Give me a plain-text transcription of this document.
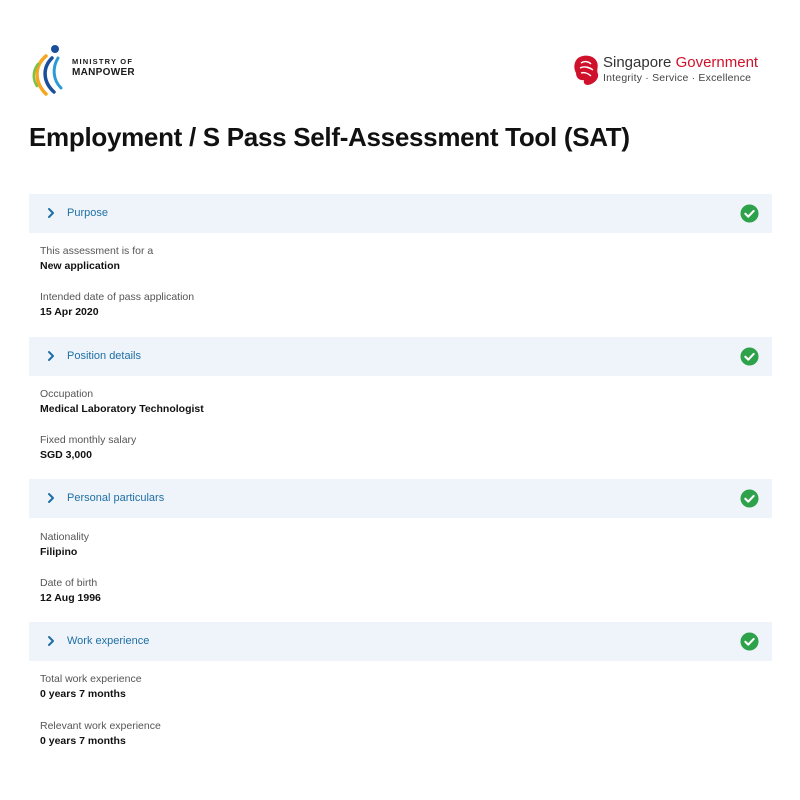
MINISTRY OF
MANPOWER
Singapore Government
Integrity · Service · Excellence
Employment / S Pass Self-Assessment Tool (SAT)
Purpose
This assessment is for a
New application
Intended date of pass application
15 Apr 2020
Position details
Occupation
Medical Laboratory Technologist
Fixed monthly salary
SGD 3,000
Personal particulars
Nationality
Filipino
Date of birth
12 Aug 1996
Work experience
Total work experience
0 years 7 months
Relevant work experience
0 years 7 months
